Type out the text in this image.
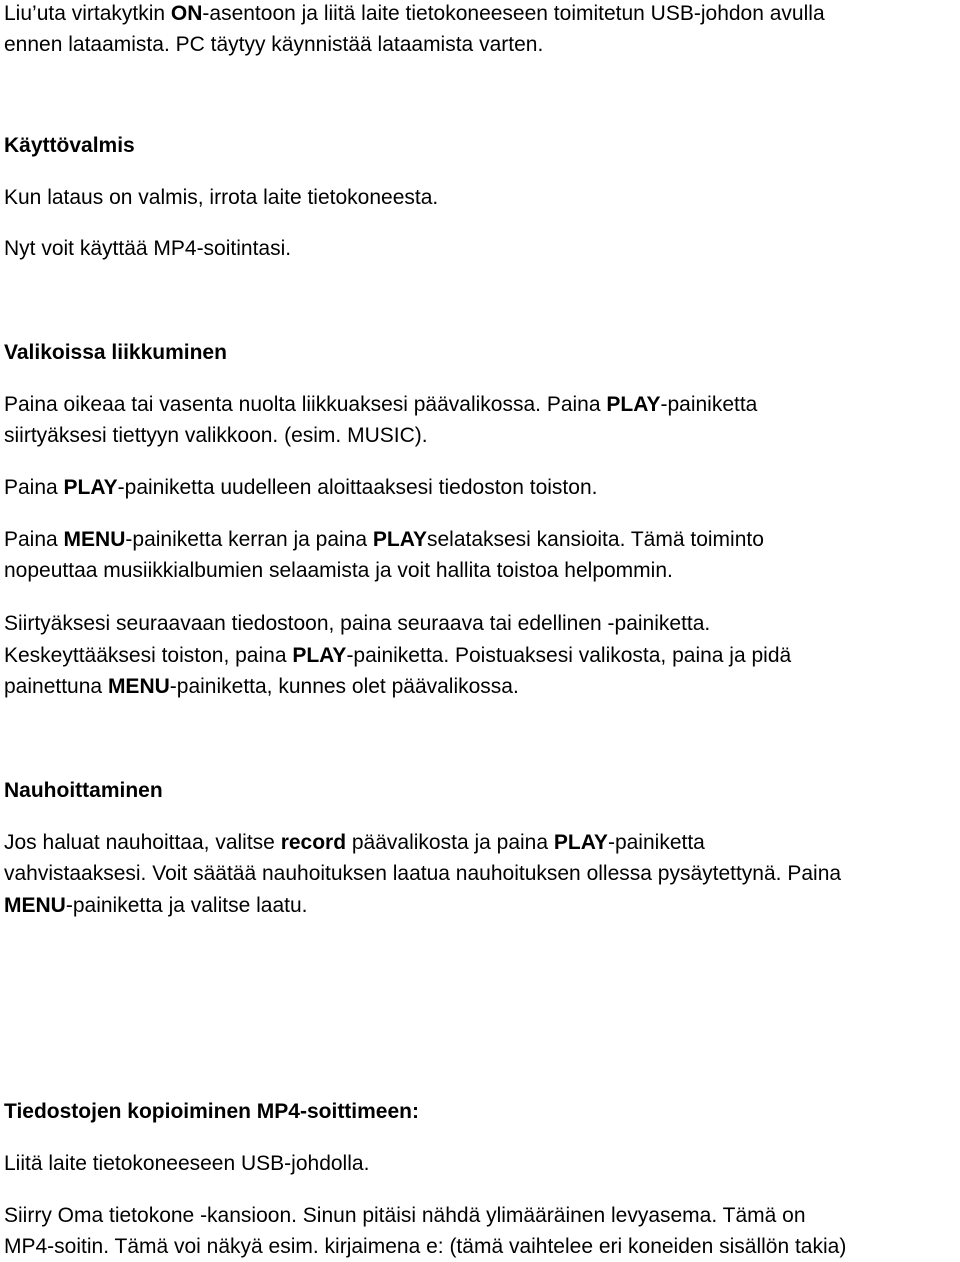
Liu’uta virtakytkin ON-asentoon ja liitä laite tietokoneeseen toimitetun USB-johdon avulla

ennen lataamista. PC täytyy käynnistää lataamista varten.

Käyttövalmis

Kun lataus on valmis, irrota laite tietokoneesta.

Nyt voit käyttää MP4-soitintasi.

Valikoissa liikkuminen

Paina oikeaa tai vasenta nuolta liikkuaksesi päävalikossa. Paina PLAY-painiketta

siirtyäksesi tiettyyn valikkoon. (esim. MUSIC).

Paina PLAY-painiketta uudelleen aloittaaksesi tiedoston toiston.

Paina MENU-painiketta kerran ja paina PLAYselataksesi kansioita. Tämä toiminto

nopeuttaa musiikkialbumien selaamista ja voit hallita toistoa helpommin.

Siirtyäksesi seuraavaan tiedostoon, paina seuraava tai edellinen -painiketta.

Keskeyttääksesi toiston, paina PLAY-painiketta. Poistuaksesi valikosta, paina ja pidä

painettuna MENU-painiketta, kunnes olet päävalikossa.

Nauhoittaminen

Jos haluat nauhoittaa, valitse record päävalikosta ja paina PLAY-painiketta

vahvistaaksesi. Voit säätää nauhoituksen laatua nauhoituksen ollessa pysäytettynä. Paina

MENU-painiketta ja valitse laatu.

Tiedostojen kopioiminen MP4-soittimeen:

Liitä laite tietokoneeseen USB-johdolla.

Siirry Oma tietokone -kansioon. Sinun pitäisi nähdä ylimääräinen levyasema. Tämä on

MP4-soitin. Tämä voi näkyä esim. kirjaimena e: (tämä vaihtelee eri koneiden sisällön takia)
